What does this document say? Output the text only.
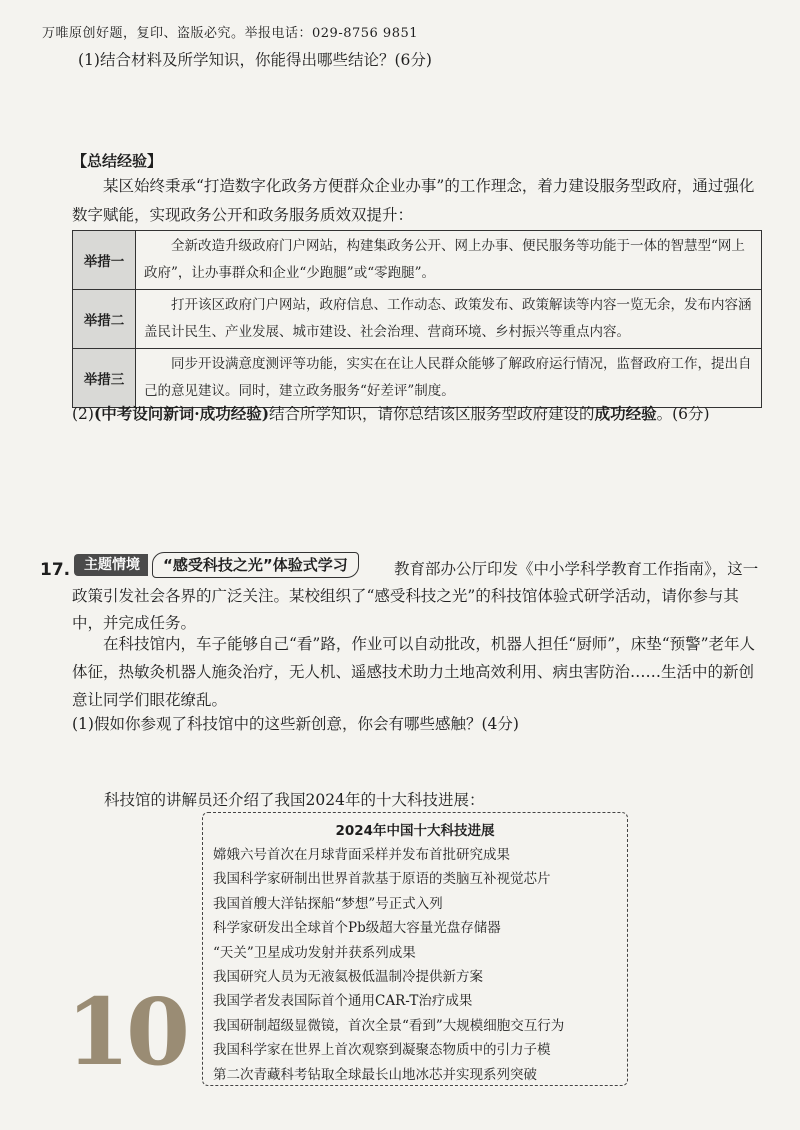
万唯原创好题，复印、盗版必究。举报电话：029-8756 9851
(1)结合材料及所学知识，你能得出哪些结论？(6分)
【总结经验】
某区始终秉承“打造数字化政务方便群众企业办事”的工作理念，着力建设服务型政府，通过强化数字赋能，实现政务公开和政务服务质效双提升：
举措一	全新改造升级政府门户网站，构建集政务公开、网上办事、便民服务等功能于一体的智慧型“网上政府”，让办事群众和企业“少跑腿”或“零跑腿”。
举措二	打开该区政府门户网站，政府信息、工作动态、政策发布、政策解读等内容一览无余，发布内容涵盖民计民生、产业发展、城市建设、社会治理、营商环境、乡村振兴等重点内容。
举措三	同步开设满意度测评等功能，实实在在让人民群众能够了解政府运行情况，监督政府工作，提出自己的意见建议。同时，建立政务服务“好差评”制度。
(2)(中考设问新词·成功经验)结合所学知识，请你总结该区服务型政府建设的成功经验。(6分)
17.	教育部办公厅印发《中小学科学教育工作指南》，这一政策引发社会各界的广泛关注。某校组织了“感受科技之光”的科技馆体验式研学活动，请你参与其中，并完成任务。
主题情境	“感受科技之光”体验式学习
在科技馆内，车子能够自己“看”路，作业可以自动批改，机器人担任“厨师”，床垫“预警”老年人体征，热敏灸机器人施灸治疗，无人机、遥感技术助力土地高效利用、病虫害防治……生活中的新创意让同学们眼花缭乱。
(1)假如你参观了科技馆中的这些新创意，你会有哪些感触？(4分)
科技馆的讲解员还介绍了我国2024年的十大科技进展：
2024年中国十大科技进展
嫦娥六号首次在月球背面采样并发布首批研究成果
我国科学家研制出世界首款基于原语的类脑互补视觉芯片
我国首艘大洋钻探船“梦想”号正式入列
科学家研发出全球首个Pb级超大容量光盘存储器
“天关”卫星成功发射并获系列成果
我国研究人员为无液氦极低温制冷提供新方案
我国学者发表国际首个通用CAR-T治疗成果
我国研制超级显微镜，首次全景“看到”大规模细胞交互行为
我国科学家在世界上首次观察到凝聚态物质中的引力子模
第二次青藏科考钻取全球最长山地冰芯并实现系列突破
10
